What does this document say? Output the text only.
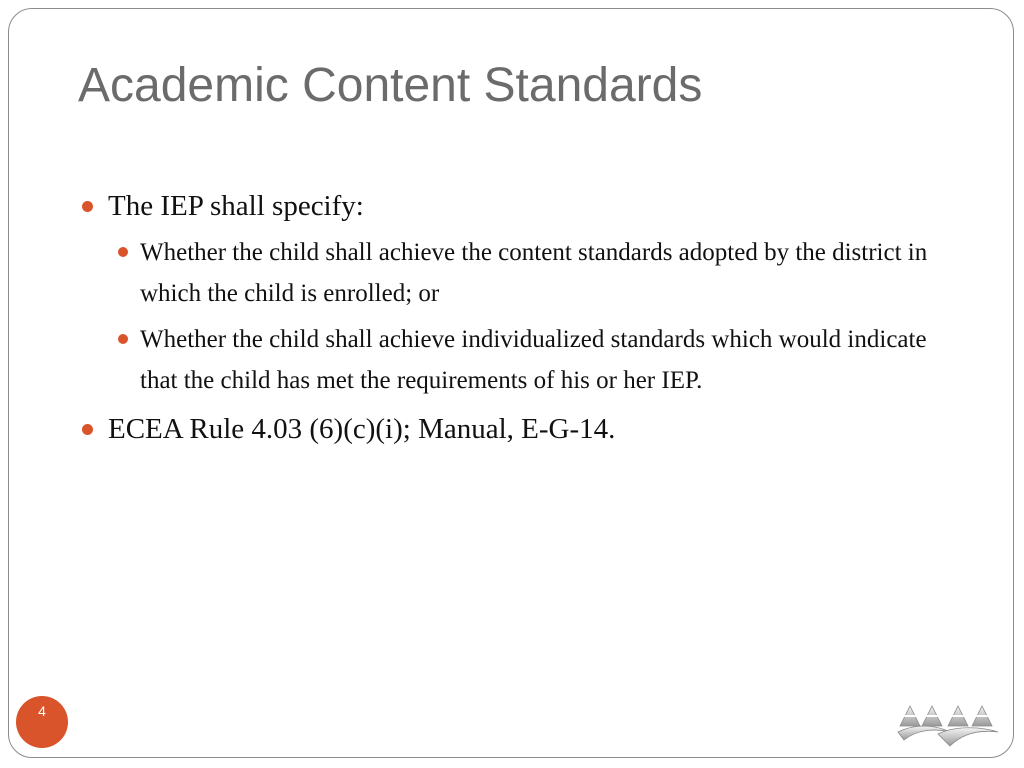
Academic Content Standards
The IEP shall specify:
Whether the child shall achieve the content standards adopted by the district in which the child is enrolled; or
Whether the child shall achieve individualized standards which would indicate that the child has met the requirements of his or her IEP.
ECEA Rule 4.03 (6)(c)(i); Manual, E-G-14.
4
